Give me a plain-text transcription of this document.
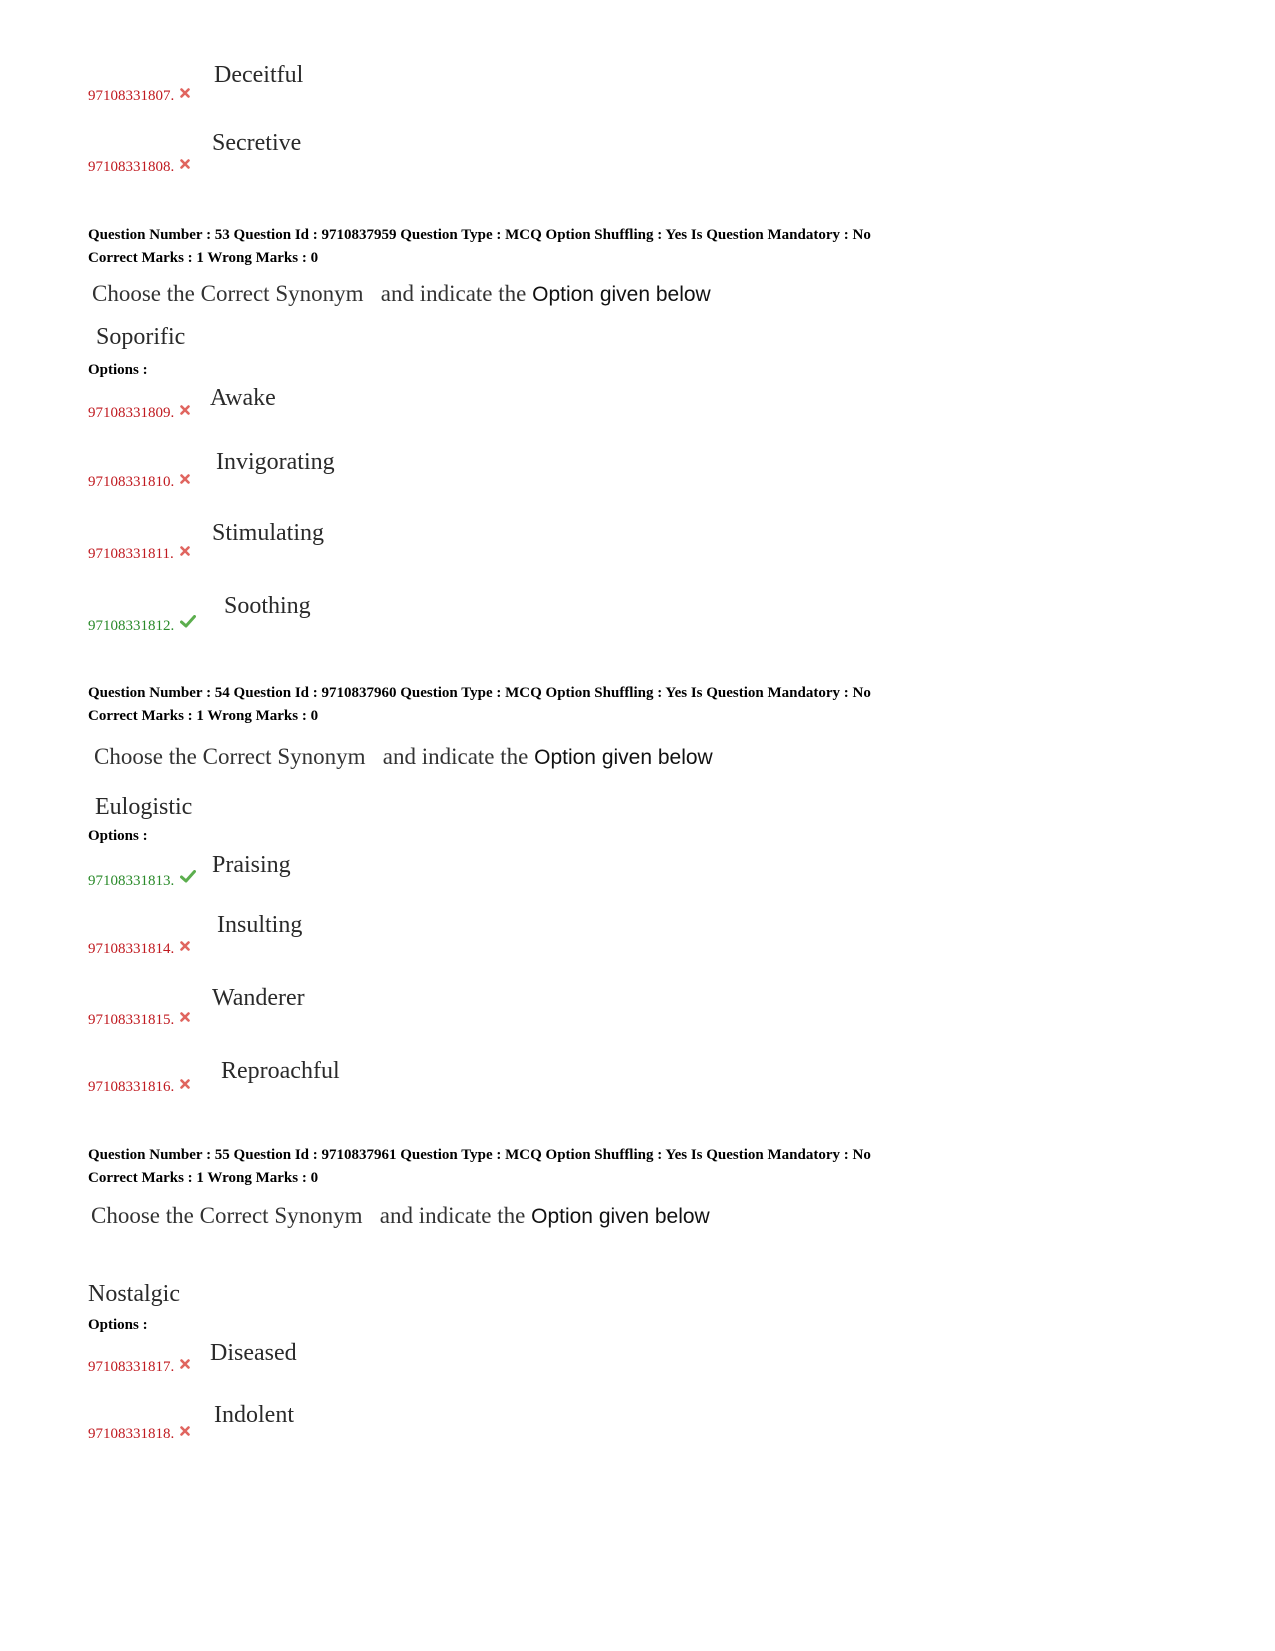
97108331807.
Deceitful
97108331808.
Secretive
Question Number : 53 Question Id : 9710837959 Question Type : MCQ Option Shuffling : Yes Is Question Mandatory : No
Correct Marks : 1 Wrong Marks : 0
Choose the Correct Synonym   and indicate the Option given below
Soporific
Options :
97108331809.
Awake
97108331810.
Invigorating
97108331811.
Stimulating
97108331812.
Soothing
Question Number : 54 Question Id : 9710837960 Question Type : MCQ Option Shuffling : Yes Is Question Mandatory : No
Correct Marks : 1 Wrong Marks : 0
Choose the Correct Synonym   and indicate the Option given below
Eulogistic
Options :
97108331813.
Praising
97108331814.
Insulting
97108331815.
Wanderer
97108331816.
Reproachful
Question Number : 55 Question Id : 9710837961 Question Type : MCQ Option Shuffling : Yes Is Question Mandatory : No
Correct Marks : 1 Wrong Marks : 0
Choose the Correct Synonym   and indicate the Option given below
Nostalgic
Options :
97108331817.
Diseased
97108331818.
Indolent
